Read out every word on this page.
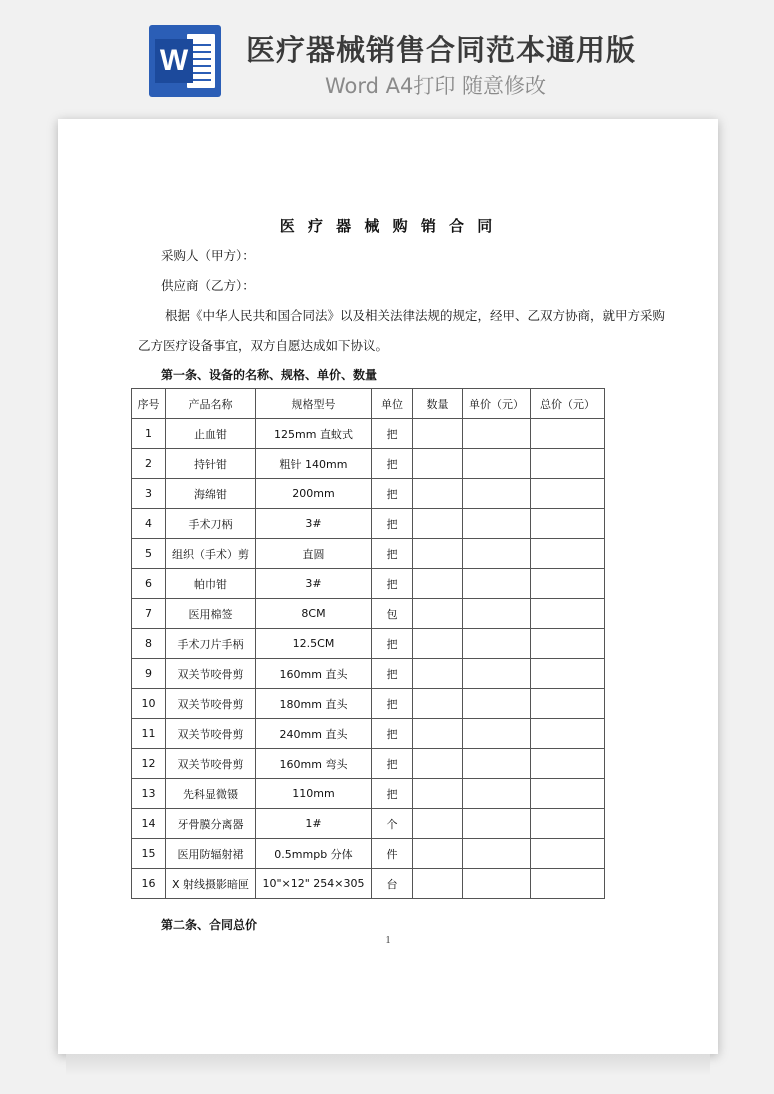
W 医疗器械销售合同范本通用版
Word A4打印 随意修改
医 疗 器 械 购 销 合 同
采购人（甲方）：
供应商（乙方）：
根据《中华人民共和国合同法》以及相关法律法规的规定，经甲、乙双方协商，就甲方采购
乙方医疗设备事宜，双方自愿达成如下协议。
第一条、设备的名称、规格、单价、数量
序号	产品名称	规格型号	单位	数量	单价（元）	总价（元）
1	止血钳	125mm 直蚊式	把			
2	持针钳	粗针 140mm	把			
3	海绵钳	200mm	把			
4	手术刀柄	3#	把			
5	组织（手术）剪	直圆	把			
6	帕巾钳	3#	把			
7	医用棉签	8CM	包			
8	手术刀片手柄	12.5CM	把			
9	双关节咬骨剪	160mm 直头	把			
10	双关节咬骨剪	180mm 直头	把			
11	双关节咬骨剪	240mm 直头	把			
12	双关节咬骨剪	160mm 弯头	把			
13	先科显微镊	110mm	把			
14	牙骨膜分离器	1#	个			
15	医用防辐射裙	0.5mmpb 分体	件			
16	X 射线摄影暗匣	10"×12" 254×305	台			
第二条、合同总价
1
